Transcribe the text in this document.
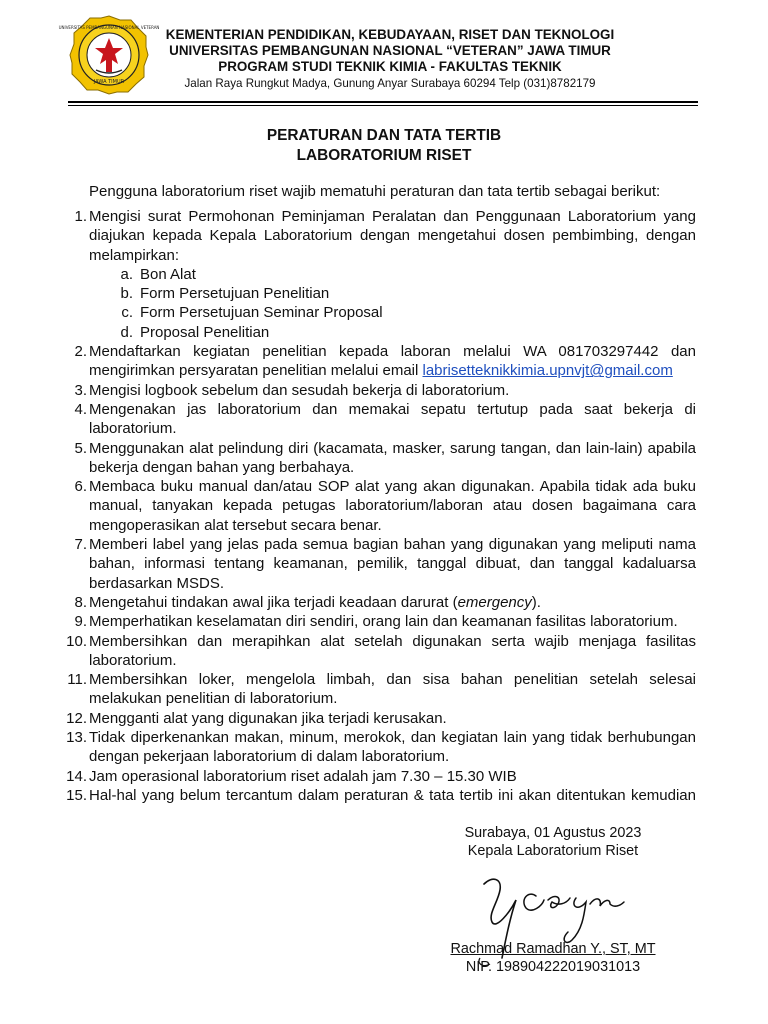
UNIVERSITAS PEMBANGUNAN NASIONAL VETERAN
JAWA TIMUR
KEMENTERIAN PENDIDIKAN, KEBUDAYAAN, RISET DAN TEKNOLOGI
UNIVERSITAS PEMBANGUNAN NASIONAL “VETERAN” JAWA TIMUR
PROGRAM STUDI TEKNIK KIMIA - FAKULTAS TEKNIK
Jalan Raya Rungkut Madya, Gunung Anyar Surabaya 60294 Telp (031)8782179
PERATURAN DAN TATA TERTIB
LABORATORIUM RISET
Pengguna laboratorium riset wajib mematuhi peraturan dan tata tertib sebagai berikut:
1. Mengisi surat Permohonan Peminjaman Peralatan dan Penggunaan Laboratorium yang diajukan kepada Kepala Laboratorium dengan mengetahui dosen pembimbing, dengan melampirkan:
a. Bon Alat
b. Form Persetujuan Penelitian
c. Form Persetujuan Seminar Proposal
d. Proposal Penelitian
2. Mendaftarkan kegiatan penelitian kepada laboran melalui WA 081703297442 dan mengirimkan persyaratan penelitian melalui email labrisetteknikkimia.upnvjt@gmail.com
3. Mengisi logbook sebelum dan sesudah bekerja di laboratorium.
4. Mengenakan jas laboratorium dan memakai sepatu tertutup pada saat bekerja di laboratorium.
5. Menggunakan alat pelindung diri (kacamata, masker, sarung tangan, dan lain-lain) apabila bekerja dengan bahan yang berbahaya.
6. Membaca buku manual dan/atau SOP alat yang akan digunakan. Apabila tidak ada buku manual, tanyakan kepada petugas laboratorium/laboran atau dosen bagaimana cara mengoperasikan alat tersebut secara benar.
7. Memberi label yang jelas pada semua bagian bahan yang digunakan yang meliputi nama bahan, informasi tentang keamanan, pemilik, tanggal dibuat, dan tanggal kadaluarsa berdasarkan MSDS.
8. Mengetahui tindakan awal jika terjadi keadaan darurat (emergency).
9. Memperhatikan keselamatan diri sendiri, orang lain dan keamanan fasilitas laboratorium.
10. Membersihkan dan merapihkan alat setelah digunakan serta wajib menjaga fasilitas laboratorium.
11. Membersihkan loker, mengelola limbah, dan sisa bahan penelitian setelah selesai melakukan penelitian di laboratorium.
12. Mengganti alat yang digunakan jika terjadi kerusakan.
13. Tidak diperkenankan makan, minum, merokok, dan kegiatan lain yang tidak berhubungan dengan pekerjaan laboratorium di dalam laboratorium.
14. Jam operasional laboratorium riset adalah jam 7.30 – 15.30 WIB
15. Hal-hal yang belum tercantum dalam peraturan & tata tertib ini akan ditentukan kemudian
Surabaya, 01 Agustus 2023
Kepala Laboratorium Riset
Rachmad Ramadhan Y., ST, MT
NIP. 198904222019031013
